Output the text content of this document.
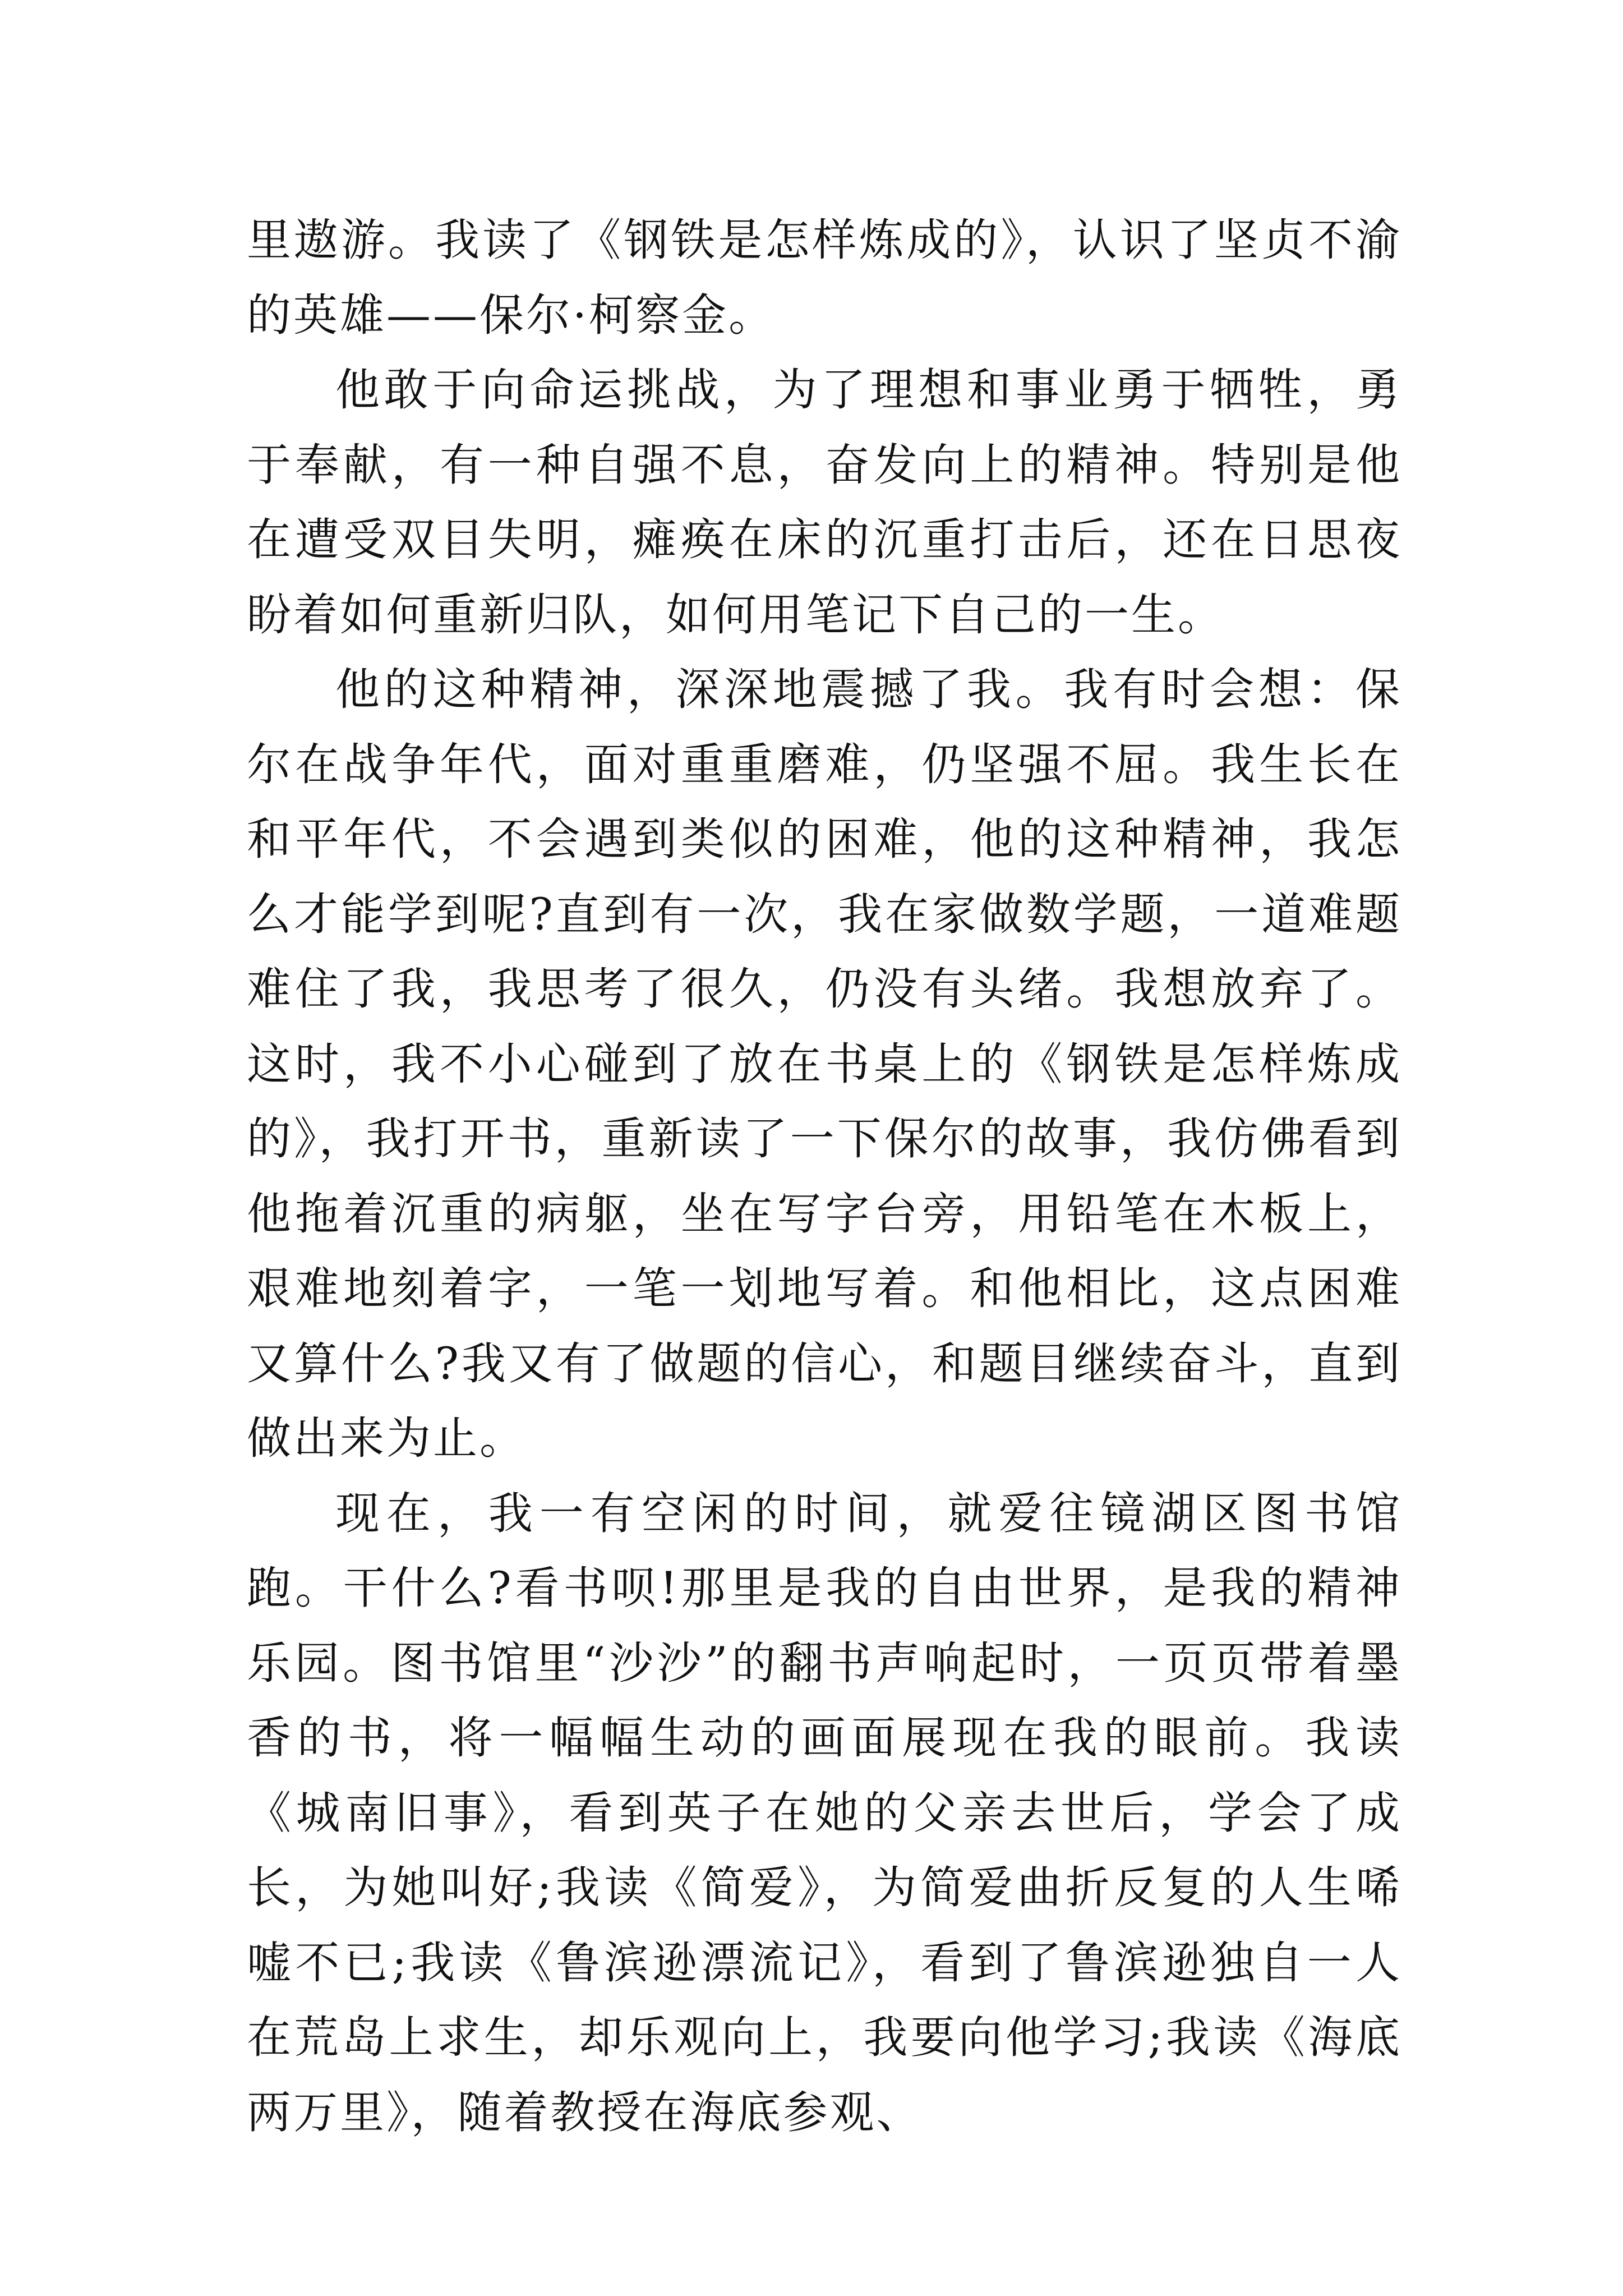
里遨游。我读了《钢铁是怎样炼成的》，认识了坚贞不渝的英雄——保尔·柯察金。

他敢于向命运挑战，为了理想和事业勇于牺牲，勇于奉献，有一种自强不息，奋发向上的精神。特别是他在遭受双目失明，瘫痪在床的沉重打击后，还在日思夜盼着如何重新归队，如何用笔记下自己的一生。

他的这种精神，深深地震撼了我。我有时会想：保尔在战争年代，面对重重磨难，仍坚强不屈。我生长在和平年代，不会遇到类似的困难，他的这种精神，我怎么才能学到呢?直到有一次，我在家做数学题，一道难题难住了我，我思考了很久，仍没有头绪。我想放弃了。这时，我不小心碰到了放在书桌上的《钢铁是怎样炼成的》，我打开书，重新读了一下保尔的故事，我仿佛看到他拖着沉重的病躯，坐在写字台旁，用铅笔在木板上，艰难地刻着字，一笔一划地写着。和他相比，这点困难又算什么?我又有了做题的信心，和题目继续奋斗，直到做出来为止。

现在，我一有空闲的时间，就爱往镜湖区图书馆跑。干什么?看书呗!那里是我的自由世界，是我的精神乐园。图书馆里“沙沙”的翻书声响起时，一页页带着墨香的书，将一幅幅生动的画面展现在我的眼前。我读《城南旧事》，看到英子在她的父亲去世后，学会了成长，为她叫好;我读《简爱》，为简爱曲折反复的人生唏嘘不已;我读《鲁滨逊漂流记》，看到了鲁滨逊独自一人在荒岛上求生，却乐观向上，我要向他学习;我读《海底两万里》，随着教授在海底参观、
